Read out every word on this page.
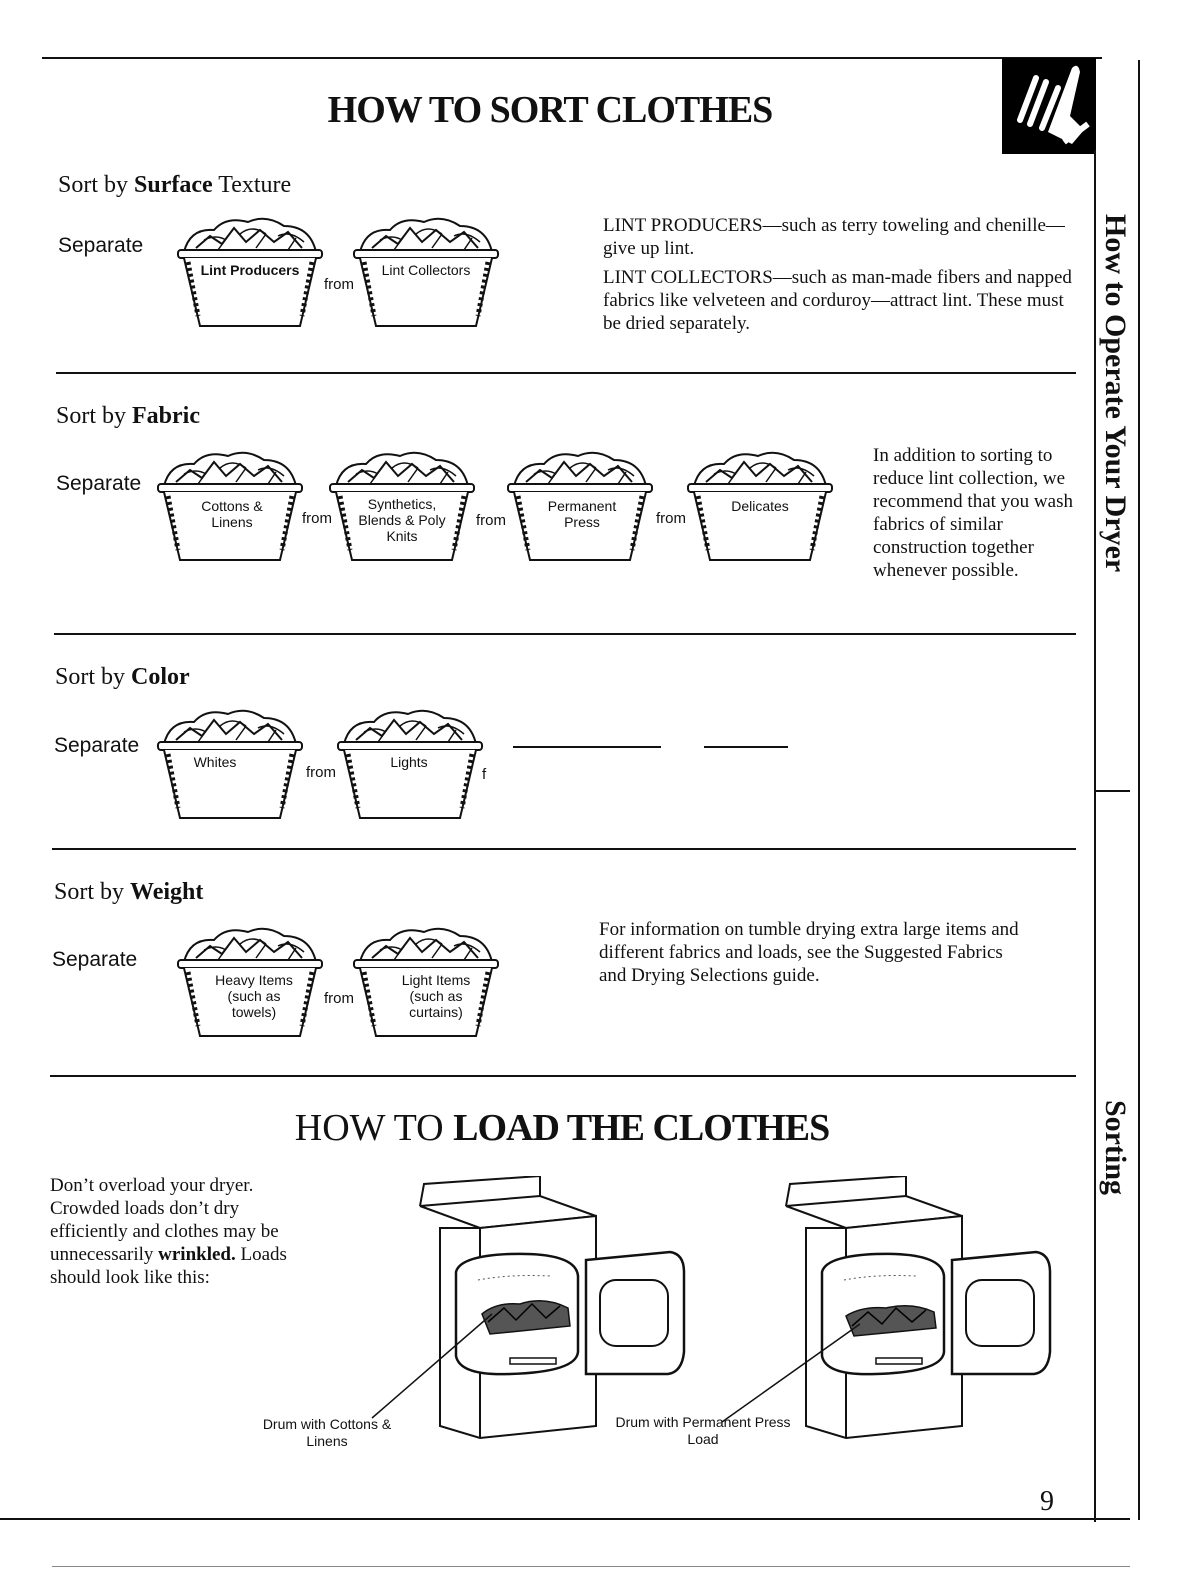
HOW TO SORT CLOTHES
How to Operate Your Dryer
Sorting
Sort by Surface Texture
Separate
Lint Producers
from
Lint Collectors

LINT PRODUCERS—such as terry toweling and chenille—give up lint.

LINT COLLECTORS—such as man-made fibers and napped fabrics like velveteen and corduroy—attract lint. These must be dried separately.

Sort by Fabric
Separate
Cottons & Linens	from
Synthetics, Blends & Poly Knits
from
Permanent Press	from
Delicates
In addition to sorting to reduce lint collection, we recommend that you wash fabrics of similar construction together whenever possible.
Sort by Color
Separate
Whites
from
Lights
f
Sort by Weight
Separate
Heavy Items (such as towels)
from
Light Items (such as curtains)
For information on tumble drying extra large items and different fabrics and loads, see the Suggested Fabrics and Drying Selections guide.
HOW TO LOAD THE CLOTHES
Don’t overload your dryer. Crowded loads don’t dry efficiently and clothes may be unnecessarily wrinkled. Loads should look like this:
Drum with Cottons & Linens
Drum with Permanent Press Load
9
